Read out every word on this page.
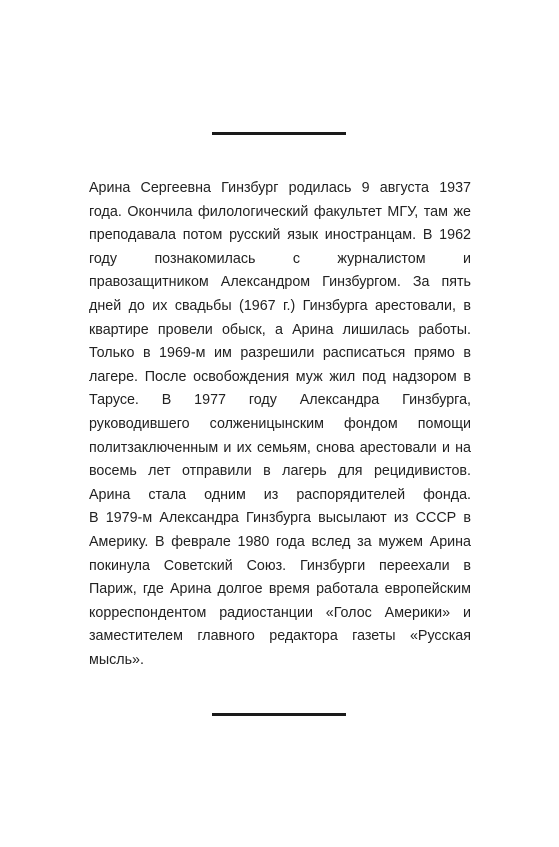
Арина Сергеевна Гинзбург родилась 9 августа 1937
года. Окончила филологический факультет МГУ, там же
преподавала потом русский язык иностранцам. В 1962
году познакомилась с журналистом и
правозащитником Александром Гинзбургом. За пять
дней до их свадьбы (1967 г.) Гинзбурга арестовали, в
квартире провели обыск, а Арина лишилась работы.
Только в 1969-м им разрешили расписаться прямо в
лагере. После освобождения муж жил под надзором в
Тарусе. В 1977 году Александра Гинзбурга,
руководившего солженицынским фондом помощи
политзаключенным и их семьям, снова арестовали и на
восемь лет отправили в лагерь для рецидивистов.
Арина стала одним из распорядителей фонда.
В 1979-м Александра Гинзбурга высылают из СССР в
Америку. В феврале 1980 года вслед за мужем Арина
покинула Советский Союз. Гинзбурги переехали в
Париж, где Арина долгое время работала европейским
корреспондентом радиостанции «Голос Америки» и
заместителем главного редактора газеты «Русская
мысль».
